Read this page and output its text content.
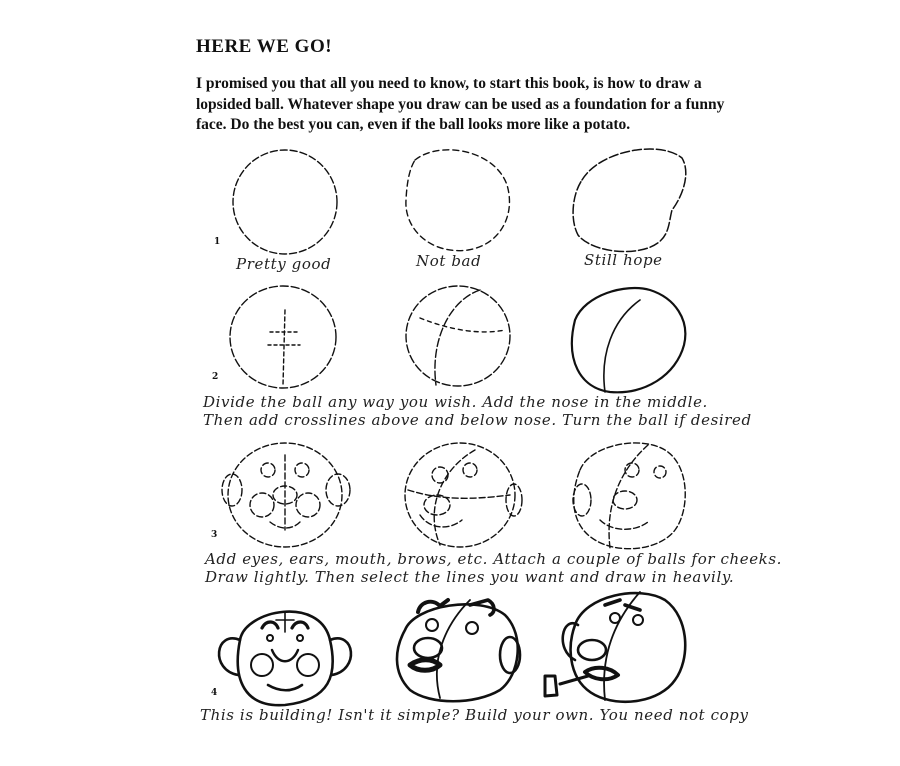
HERE WE GO!
I promised you that all you need to know, to start this book, is how to draw a
lopsided ball. Whatever shape you draw can be used as a foundation for a funny
face. Do the best you can, even if the ball looks more like a potato.
1
Pretty good	Not bad	Still hope
2
Divide the ball any way you wish. Add the nose in the middle.
Then add crosslines above and below nose. Turn the ball if desired
3
Add eyes, ears, mouth, brows, etc. Attach a couple of balls for cheeks.
Draw lightly. Then select the lines you want and draw in heavily.
4
This is building! Isn't it simple? Build your own. You need not copy
